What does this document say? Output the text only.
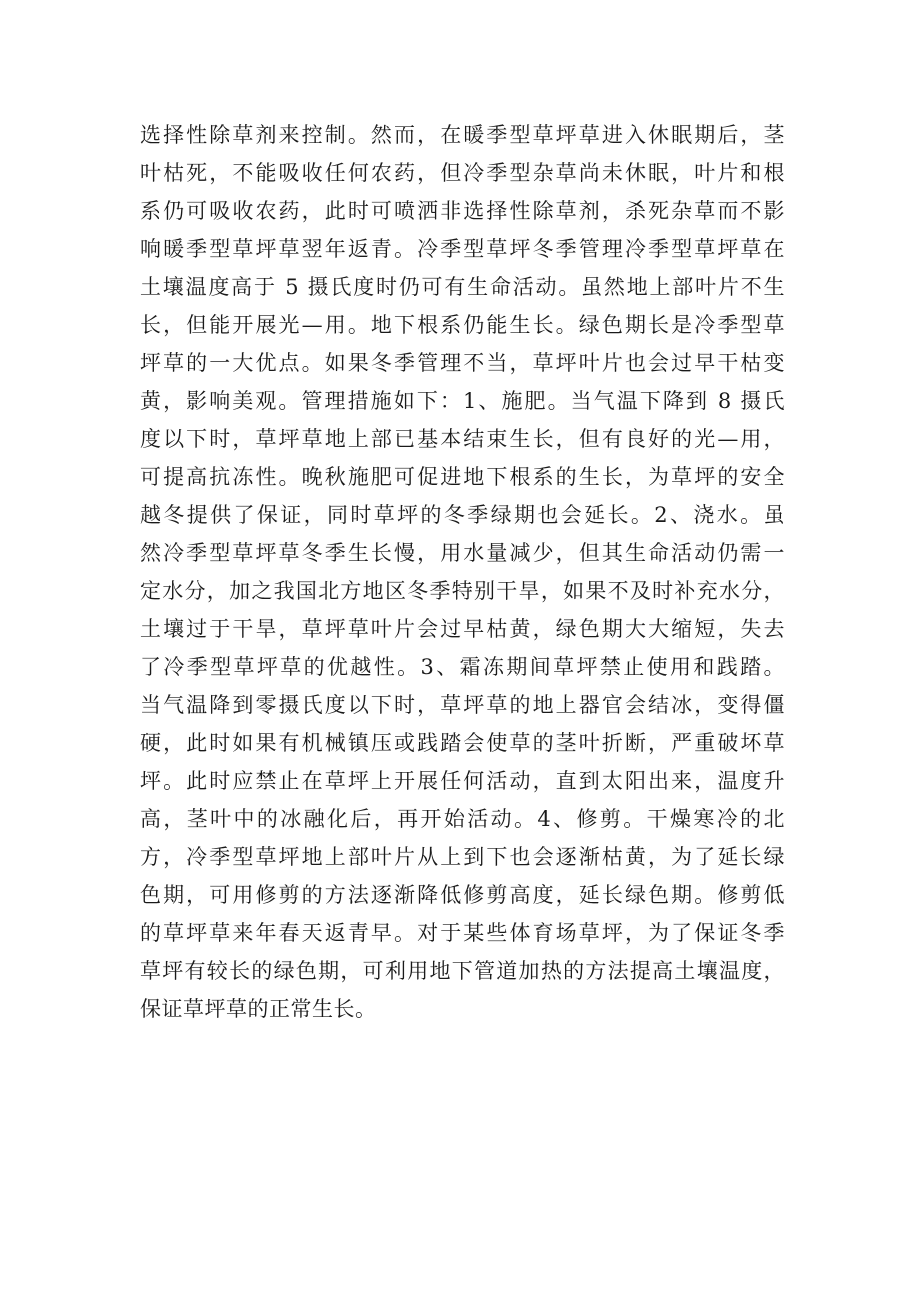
选择性除草剂来控制。然而，在暖季型草坪草进入休眠期后，茎
叶枯死，不能吸收任何农药，但冷季型杂草尚未休眠，叶片和根
系仍可吸收农药，此时可喷洒非选择性除草剂，杀死杂草而不影
响暖季型草坪草翌年返青。冷季型草坪冬季管理冷季型草坪草在
土壤温度高于 5 摄氏度时仍可有生命活动。虽然地上部叶片不生
长，但能开展光—用。地下根系仍能生长。绿色期长是冷季型草
坪草的一大优点。如果冬季管理不当，草坪叶片也会过早干枯变
黄，影响美观。管理措施如下：1、施肥。当气温下降到 8 摄氏
度以下时，草坪草地上部已基本结束生长，但有良好的光—用，
可提高抗冻性。晚秋施肥可促进地下根系的生长，为草坪的安全
越冬提供了保证，同时草坪的冬季绿期也会延长。2、浇水。虽
然冷季型草坪草冬季生长慢，用水量减少，但其生命活动仍需一
定水分，加之我国北方地区冬季特别干旱，如果不及时补充水分，
土壤过于干旱，草坪草叶片会过早枯黄，绿色期大大缩短，失去
了冷季型草坪草的优越性。3、霜冻期间草坪禁止使用和践踏。
当气温降到零摄氏度以下时，草坪草的地上器官会结冰，变得僵
硬，此时如果有机械镇压或践踏会使草的茎叶折断，严重破坏草
坪。此时应禁止在草坪上开展任何活动，直到太阳出来，温度升
高，茎叶中的冰融化后，再开始活动。4、修剪。干燥寒冷的北
方，冷季型草坪地上部叶片从上到下也会逐渐枯黄，为了延长绿
色期，可用修剪的方法逐渐降低修剪高度，延长绿色期。修剪低
的草坪草来年春天返青早。对于某些体育场草坪，为了保证冬季
草坪有较长的绿色期，可利用地下管道加热的方法提高土壤温度，
保证草坪草的正常生长。
